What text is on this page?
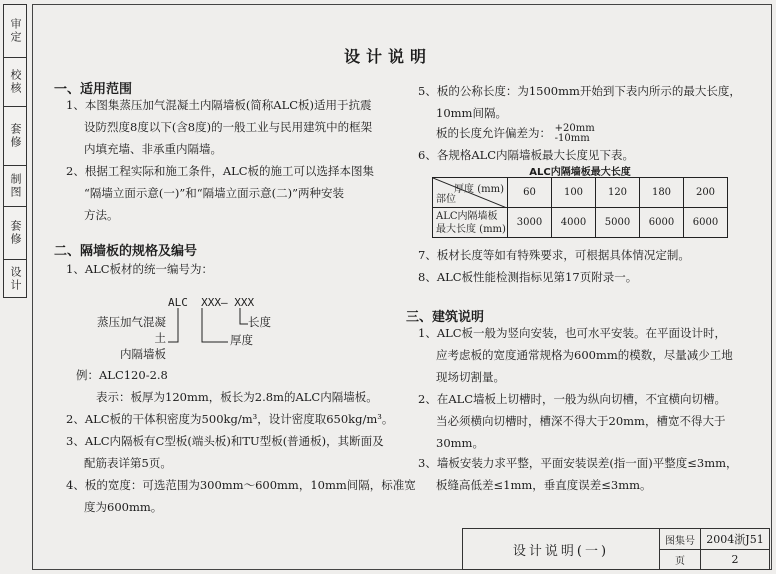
审定
校核
套修
制图
套修
设计
设计说明
一、适用范围
1、本图集蒸压加气混凝土内隔墙板(简称ALC板)适用于抗震
设防烈度8度以下(含8度)的一般工业与民用建筑中的框架
内填充墙、非承重内隔墙。
2、根据工程实际和施工条件，ALC板的施工可以选择本图集
“隔墙立面示意(一)”和“隔墙立面示意(二)”两种安装
方法。
二、隔墙板的规格及编号
1、ALC板材的统一编号为：
ALC  XXX— XXX
蒸压加气混凝土
内隔墙板
长度
厚度
例：ALC120-2.8
表示：板厚为120mm，板长为2.8m的ALC内隔墙板。
2、ALC板的干体积密度为500kg/m³，设计密度取650kg/m³。
3、ALC内隔板有C型板(端头板)和TU型板(普通板)，其断面及
配筋表详第5页。
4、板的宽度：可选范围为300mm～600mm，10mm间隔，标准宽
度为600mm。
5、板的公称长度：为1500mm开始到下表内所示的最大长度，
10mm间隔。
板的长度允许偏差为： +20mm
-10mm
6、各规格ALC内隔墙板最大长度见下表。
ALC内隔墙板最大长度
厚度 (mm)
部位	60	100	120	180	200

ALC内隔墙板
最大长度 (mm)	3000	4000	5000	6000	6000
7、板材长度等如有特殊要求，可根据具体情况定制。
8、ALC板性能检测指标见第17页附录一。
三、建筑说明
1、ALC板一般为竖向安装，也可水平安装。在平面设计时，
应考虑板的宽度通常规格为600mm的模数，尽量减少工地
现场切割量。
2、在ALC墙板上切槽时，一般为纵向切槽，不宜横向切槽。
当必须横向切槽时，槽深不得大于20mm，槽宽不得大于
30mm。
3、墙板安装力求平整，平面安装误差(指一面)平整度≤3mm，
板缝高低差≤1mm，垂直度误差≤3mm。
设计说明(一)
图集号	2004浙J51
页	2
